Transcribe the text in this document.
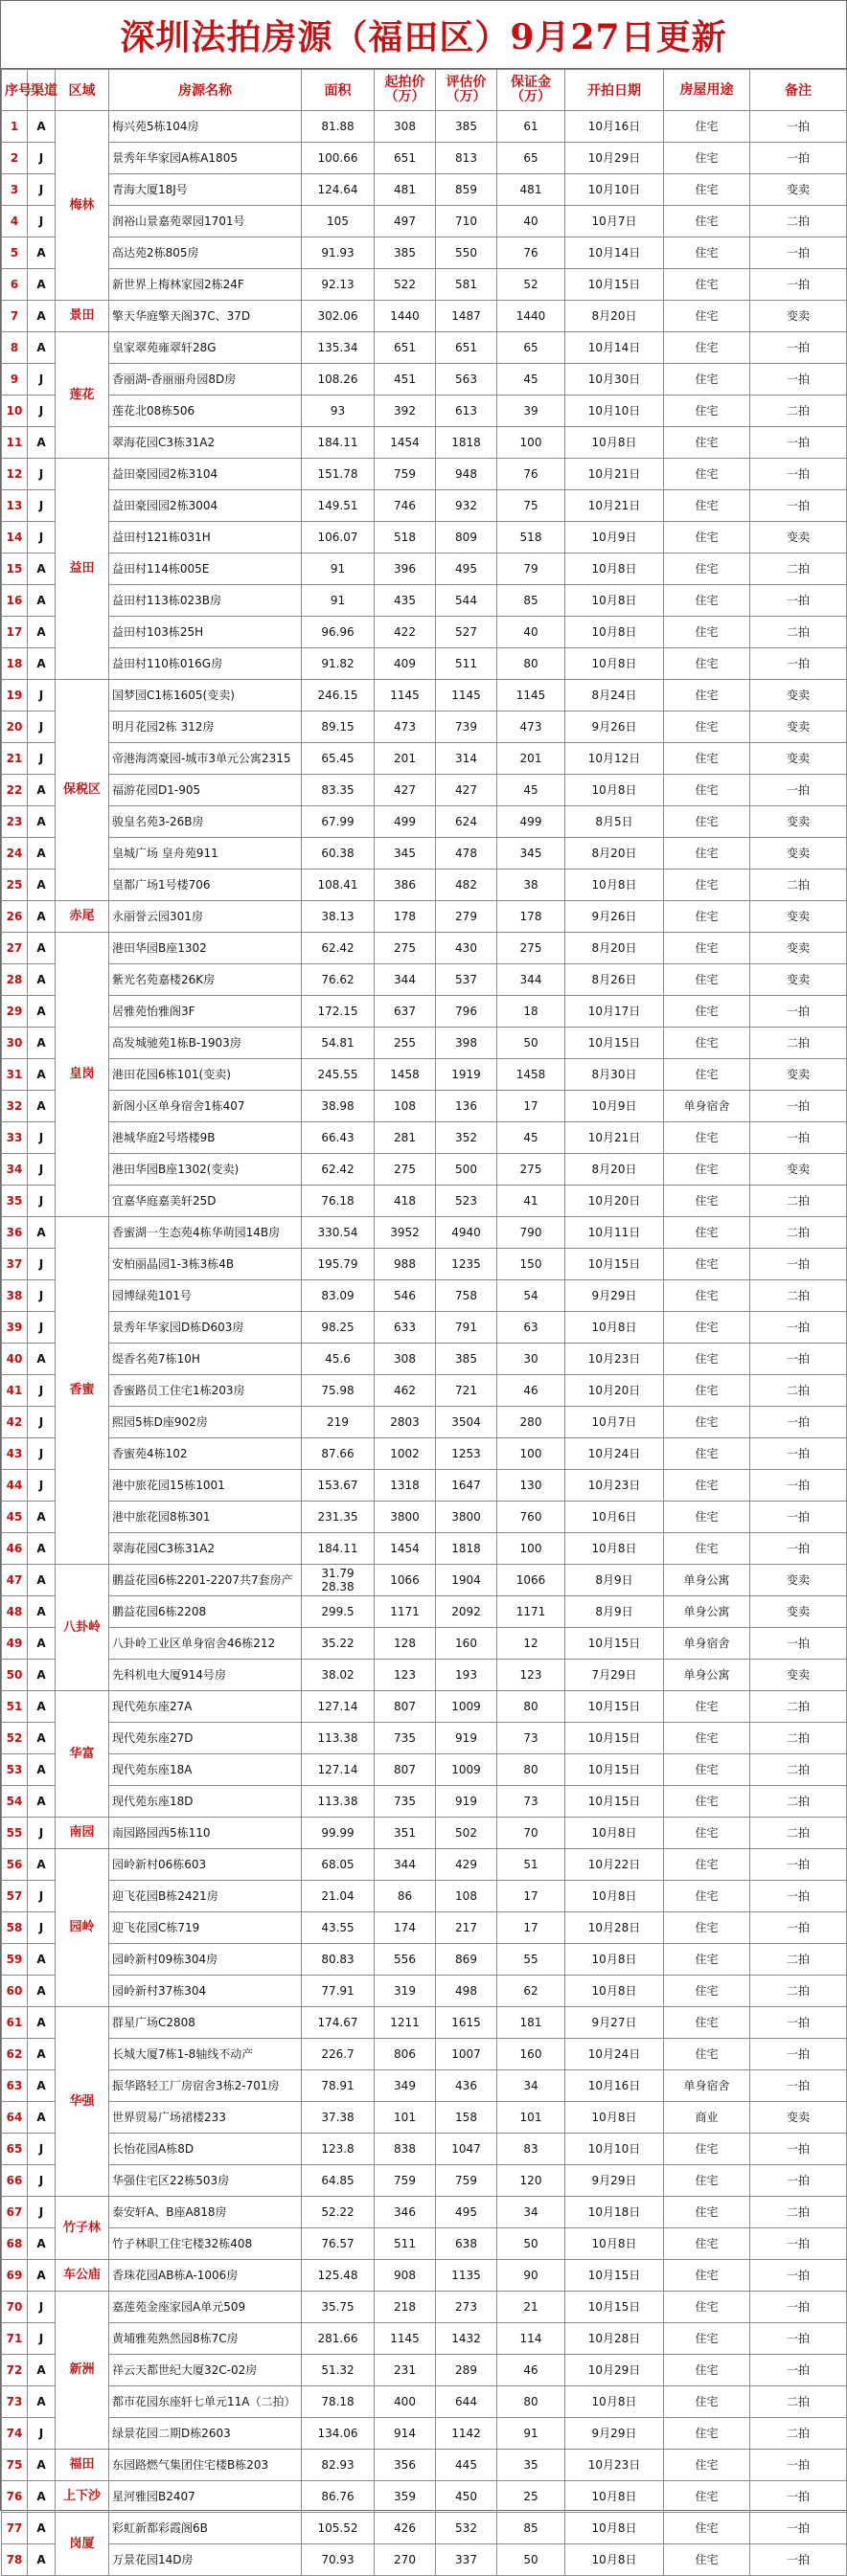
深圳法拍房源（福田区）9月27日更新
序号	渠道	区域	房源名称	面积	起拍价（万）	评估价（万）	保证金（万）	开拍日期	房屋用途	备注
1	A	梅林	梅兴苑5栋104房	81.88	308	385	61	10月16日	住宅	一拍
2	J		景秀年华家园A栋A1805	100.66	651	813	65	10月29日	住宅	一拍
3	J		青海大厦18J号	124.64	481	859	481	10月10日	住宅	变卖
4	J		润裕山景嘉苑翠园1701号	105	497	710	40	10月7日	住宅	二拍
5	A		高达苑2栋805房	91.93	385	550	76	10月14日	住宅	一拍
6	A		新世界上梅林家园2栋24F	92.13	522	581	52	10月15日	住宅	一拍
7	A	景田	擎天华庭擎天阁37C、37D	302.06	1440	1487	1440	8月20日	住宅	变卖
8	A	莲花	皇家翠苑雍翠轩28G	135.34	651	651	65	10月14日	住宅	一拍
9	J		香丽湖-香丽丽舟园8D房	108.26	451	563	45	10月30日	住宅	一拍
10	J		莲花北08栋506	93	392	613	39	10月10日	住宅	二拍
11	A		翠海花园C3栋31A2	184.11	1454	1818	100	10月8日	住宅	一拍
12	J	益田	益田豪园园2栋3104	151.78	759	948	76	10月21日	住宅	一拍
13	J		益田豪园园2栋3004	149.51	746	932	75	10月21日	住宅	一拍
14	J		益田村121栋031H	106.07	518	809	518	10月9日	住宅	变卖
15	A		益田村114栋005E	91	396	495	79	10月8日	住宅	二拍
16	A		益田村113栋023B房	91	435	544	85	10月8日	住宅	一拍
17	A		益田村103栋25H	96.96	422	527	40	10月8日	住宅	二拍
18	A		益田村110栋016G房	91.82	409	511	80	10月8日	住宅	一拍
19	J	保税区	国梦园C1栋1605(变卖)	246.15	1145	1145	1145	8月24日	住宅	变卖
20	J		明月花园2栋 312房	89.15	473	739	473	9月26日	住宅	变卖
21	J		帝港海湾豪园-城市3单元公寓2315	65.45	201	314	201	10月12日	住宅	变卖
22	A		福游花园D1-905	83.35	427	427	45	10月8日	住宅	一拍
23	A		骏皇名苑3-26B房	67.99	499	624	499	8月5日	住宅	变卖
24	A		皇城广场 皇舟苑911	60.38	345	478	345	8月20日	住宅	变卖
25	A		皇都广场1号楼706	108.41	386	482	38	10月8日	住宅	二拍
26	A	赤尾	永丽誉云园301房	38.13	178	279	178	9月26日	住宅	变卖
27	A	皇岗	港田华园B座1302	62.42	275	430	275	8月20日	住宅	变卖
28	A		紫光名苑嘉楼26K房	76.62	344	537	344	8月26日	住宅	变卖
29	A		居雅苑怡雅阁3F	172.15	637	796	18	10月17日	住宅	一拍
30	A		高发城驰苑1栋B-1903房	54.81	255	398	50	10月15日	住宅	二拍
31	A		港田花园6栋101(变卖)	245.55	1458	1919	1458	8月30日	住宅	变卖
32	A		新阁小区单身宿舍1栋407	38.98	108	136	17	10月9日	单身宿舍	一拍
33	J		港城华庭2号塔楼9B	66.43	281	352	45	10月21日	住宅	一拍
34	J		港田华园B座1302(变卖)	62.42	275	500	275	8月20日	住宅	变卖
35	J		宜嘉华庭嘉美轩25D	76.18	418	523	41	10月20日	住宅	二拍
36	A	香蜜	香蜜湖一生态苑4栋华萌园14B房	330.54	3952	4940	790	10月11日	住宅	二拍
37	J		安柏丽晶园1-3栋3栋4B	195.79	988	1235	150	10月15日	住宅	一拍
38	J		园博绿苑101号	83.09	546	758	54	9月29日	住宅	二拍
39	J		景秀年华家园D栋D603房	98.25	633	791	63	10月8日	住宅	一拍
40	A		缇香名苑7栋10H	45.6	308	385	30	10月23日	住宅	一拍
41	J		香蜜路员工住宅1栋203房	75.98	462	721	46	10月20日	住宅	二拍
42	J		熙园5栋D座902房	219	2803	3504	280	10月7日	住宅	一拍
43	J		香蜜苑4栋102	87.66	1002	1253	100	10月24日	住宅	一拍
44	J		港中旅花园15栋1001	153.67	1318	1647	130	10月23日	住宅	一拍
45	A		港中旅花园8栋301	231.35	3800	3800	760	10月6日	住宅	一拍
46	A		翠海花园C3栋31A2	184.11	1454	1818	100	10月8日	住宅	一拍
47	A	八卦岭	鹏益花园6栋2201-2207共7套房产	31.79
28.38	1066	1904	1066	8月9日	单身公寓	变卖
48	A		鹏益花园6栋2208	299.5	1171	2092	1171	8月9日	单身公寓	变卖
49	A		八卦岭工业区单身宿舍46栋212	35.22	128	160	12	10月15日	单身宿舍	一拍
50	A		先科机电大厦914号房	38.02	123	193	123	7月29日	单身公寓	变卖
51	A	华富	现代苑东座27A	127.14	807	1009	80	10月15日	住宅	二拍
52	A		现代苑东座27D	113.38	735	919	73	10月15日	住宅	二拍
53	A		现代苑东座18A	127.14	807	1009	80	10月15日	住宅	二拍
54	A		现代苑东座18D	113.38	735	919	73	10月15日	住宅	二拍
55	J	南园	南园路园西5栋110	99.99	351	502	70	10月8日	住宅	二拍
56	A	园岭	园岭新村06栋603	68.05	344	429	51	10月22日	住宅	一拍
57	J		迎飞花园B栋2421房	21.04	86	108	17	10月8日	住宅	一拍
58	J		迎飞花园C栋719	43.55	174	217	17	10月28日	住宅	一拍
59	A		园岭新村09栋304房	80.83	556	869	55	10月8日	住宅	二拍
60	A		园岭新村37栋304	77.91	319	498	62	10月8日	住宅	二拍
61	A	华强	群星广场C2808	174.67	1211	1615	181	9月27日	住宅	一拍
62	A		长城大厦7栋1-8轴线不动产	226.7	806	1007	160	10月24日	住宅	一拍
63	A		振华路轻工厂房宿舍3栋2-701房	78.91	349	436	34	10月16日	单身宿舍	一拍
64	A		世界贸易广场裙楼233	37.38	101	158	101	10月8日	商业	变卖
65	J		长怡花园A栋8D	123.8	838	1047	83	10月10日	住宅	一拍
66	J		华强住宅区22栋503房	64.85	759	759	120	9月29日	住宅	一拍
67	J	竹子林	泰安轩A、B座A818房	52.22	346	495	34	10月18日	住宅	二拍
68	A		竹子林职工住宅楼32栋408	76.57	511	638	50	10月8日	住宅	一拍
69	A	车公庙	香珠花园AB栋A-1006房	125.48	908	1135	90	10月15日	住宅	一拍
70	J	新洲	嘉莲苑金座家园A单元509	35.75	218	273	21	10月15日	住宅	一拍
71	J		黄埔雅苑熟然园8栋7C房	281.66	1145	1432	114	10月28日	住宅	一拍
72	A		祥云天都世纪大厦32C-02房	51.32	231	289	46	10月29日	住宅	一拍
73	A		都市花园东座轩七单元11A（二拍）	78.18	400	644	80	10月8日	住宅	二拍
74	J		绿景花园二期D栋2603	134.06	914	1142	91	9月29日	住宅	二拍
75	A	福田	东园路燃气集团住宅楼B栋203	82.93	356	445	35	10月23日	住宅	一拍
76	A	上下沙	星河雅园B2407	86.76	359	450	25	10月8日	住宅	一拍
77	A	岗厦	彩虹新都彩霞阁6B	105.52	426	532	85	10月8日	住宅	一拍
78	A		万景花园14D房	70.93	270	337	50	10月8日	住宅	一拍
